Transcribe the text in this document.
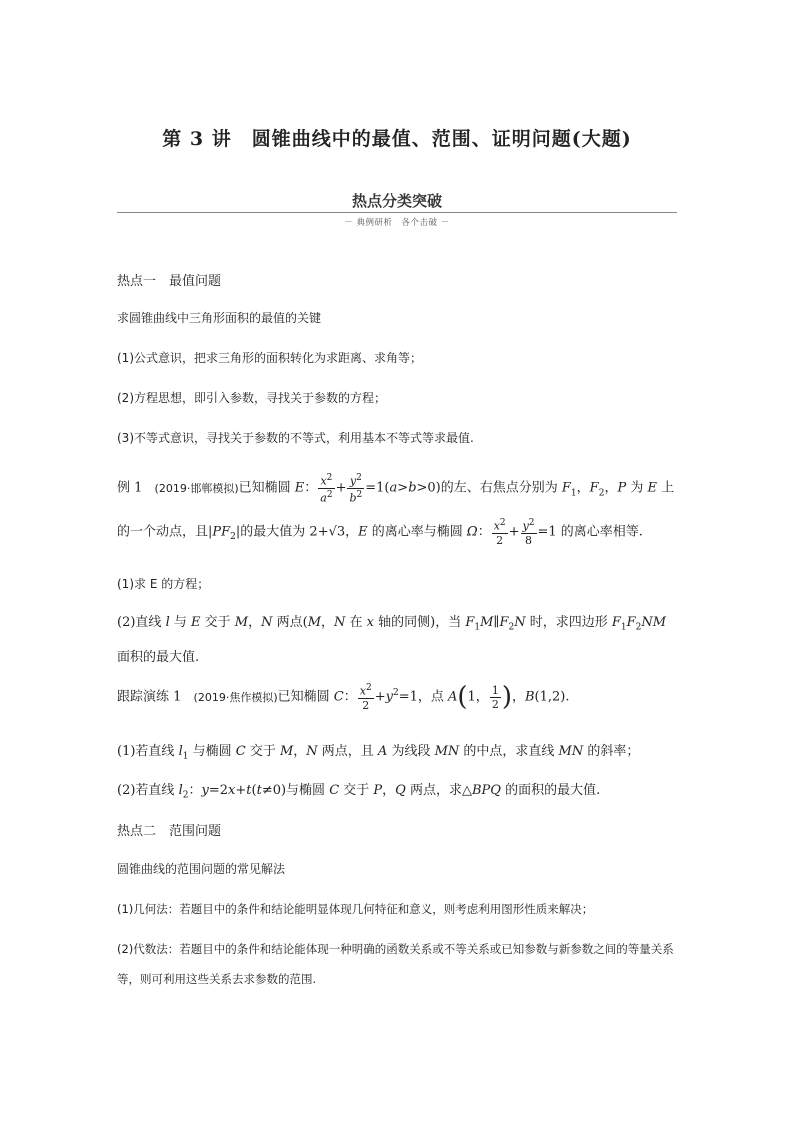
第 3 讲　圆锥曲线中的最值、范围、证明问题(大题)
热点分类突破
－ 典例研析　各个击破 －
热点一　最值问题
求圆锥曲线中三角形面积的最值的关键
(1)公式意识，把求三角形的面积转化为求距离、求角等；
(2)方程思想，即引入参数，寻找关于参数的方程；
(3)不等式意识，寻找关于参数的不等式，利用基本不等式等求最值.
例 1 (2019·邯郸模拟)已知椭圆 E： $\frac{x^2}{a^2} + \frac{y^2}{b^2} =1(a>b>0)$的左、右焦点分别为 $F_1$，$F_2$，P 为 E 上
的一个动点，且$|PF_2|$的最大值为 2+√3，E 的离心率与椭圆 Ω： $\frac{x^2}{2} + \frac{y^2}{8} =1$ 的离心率相等.
(1)求 E 的方程；
(2)直线 l 与 E 交于 M，N 两点(M，N 在 x 轴的同侧)，当 $F_1M\parallel F_2N$ 时，求四边形 $F_1F_2NM$ 面积的最大值.
跟踪演练 1 (2019·焦作模拟)已知椭圆 C： $\frac{x^2}{2} +y^2=1$，点 A(1， $\frac{1}{2}$ )，B(1,2).
(1)若直线 $l_1$ 与椭圆 C 交于 M，N 两点，且 A 为线段 MN 的中点，求直线 MN 的斜率；
(2)若直线 $l_2$：y=2x+t(t≠0)与椭圆 C 交于 P，Q 两点，求△BPQ 的面积的最大值.
热点二　范围问题
圆锥曲线的范围问题的常见解法
(1)几何法：若题目中的条件和结论能明显体现几何特征和意义，则考虑利用图形性质来解决；
(2)代数法：若题目中的条件和结论能体现一种明确的函数关系或不等关系或已知参数与新参数之间的等量关系等，则可利用这些关系去求参数的范围.
